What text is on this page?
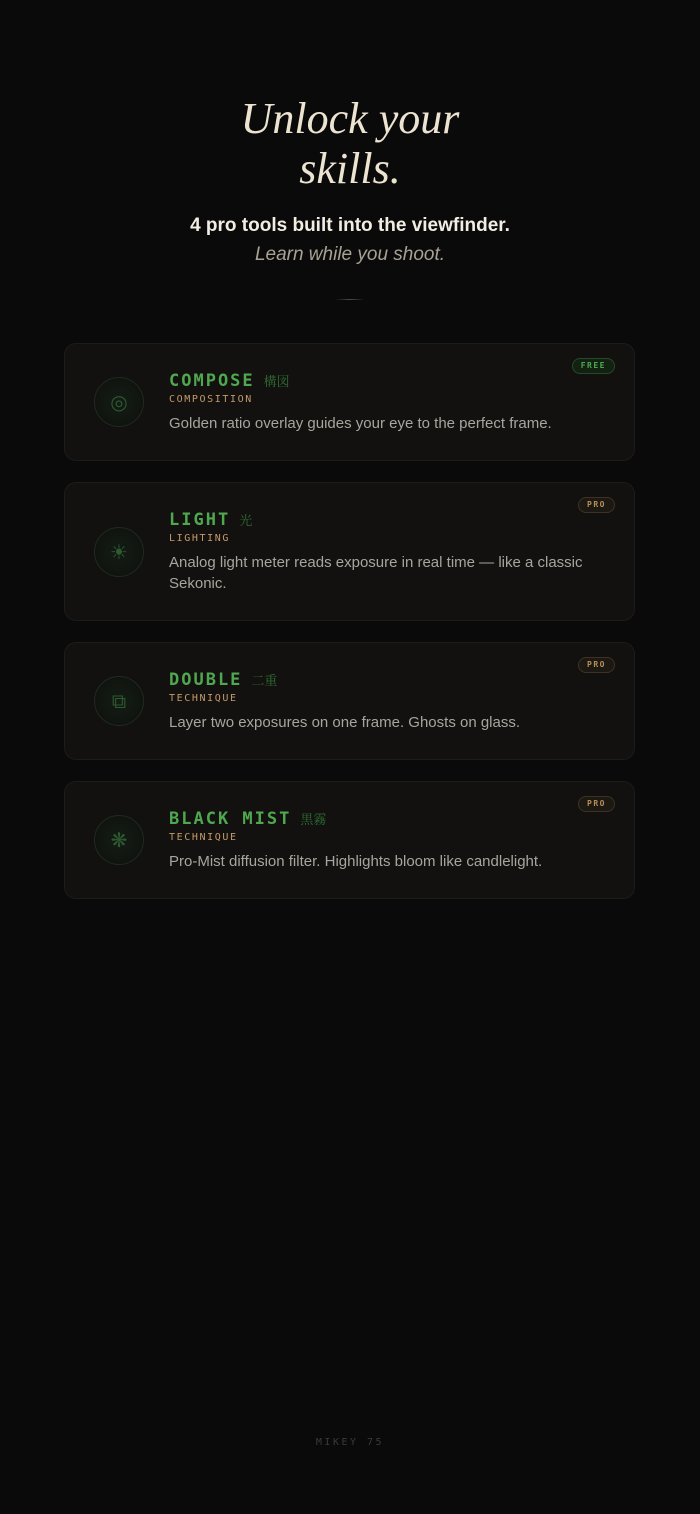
Unlock your
skills.
4 pro tools built into the viewfinder.
Learn while you shoot.
◎
COMPOSE 構図
COMPOSITION

Golden ratio overlay guides your eye to the perfect frame.

FREE
☀
LIGHT 光
LIGHTING

Analog light meter reads exposure in real time — like a classic Sekonic.

PRO
⧉
DOUBLE 二重
TECHNIQUE

Layer two exposures on one frame. Ghosts on glass.

PRO
❋
BLACK MIST 黒霧
TECHNIQUE

Pro-Mist diffusion filter. Highlights bloom like candlelight.

PRO
MIKEY 75
